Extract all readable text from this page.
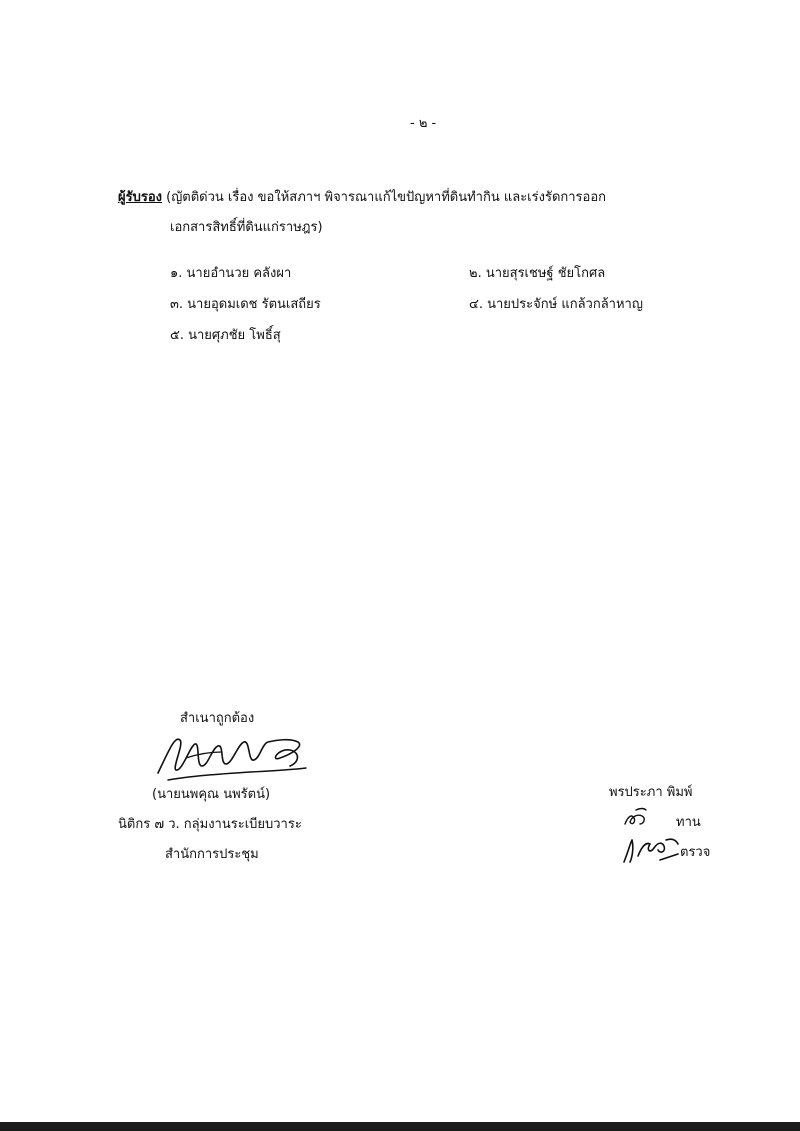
- ๒ -
ผู้รับรอง (ญัตติด่วน เรื่อง ขอให้สภาฯ พิจารณาแก้ไขปัญหาที่ดินทำกิน และเร่งรัดการออก
เอกสารสิทธิ์ที่ดินแก่ราษฎร)
๑. นายอำนวย คลังผา	๒. นายสุรเชษฐ์ ชัยโกศล
๓. นายอุดมเดช รัตนเสถียร	๔. นายประจักษ์ แกล้วกล้าหาญ
๕. นายศุภชัย โพธิ์สุ
สำเนาถูกต้อง
(นายนพคุณ นพรัตน์)
นิติกร ๗ ว. กลุ่มงานระเบียบวาระ
สำนักการประชุม
พรประภา พิมพ์
ทาน
ตรวจ
